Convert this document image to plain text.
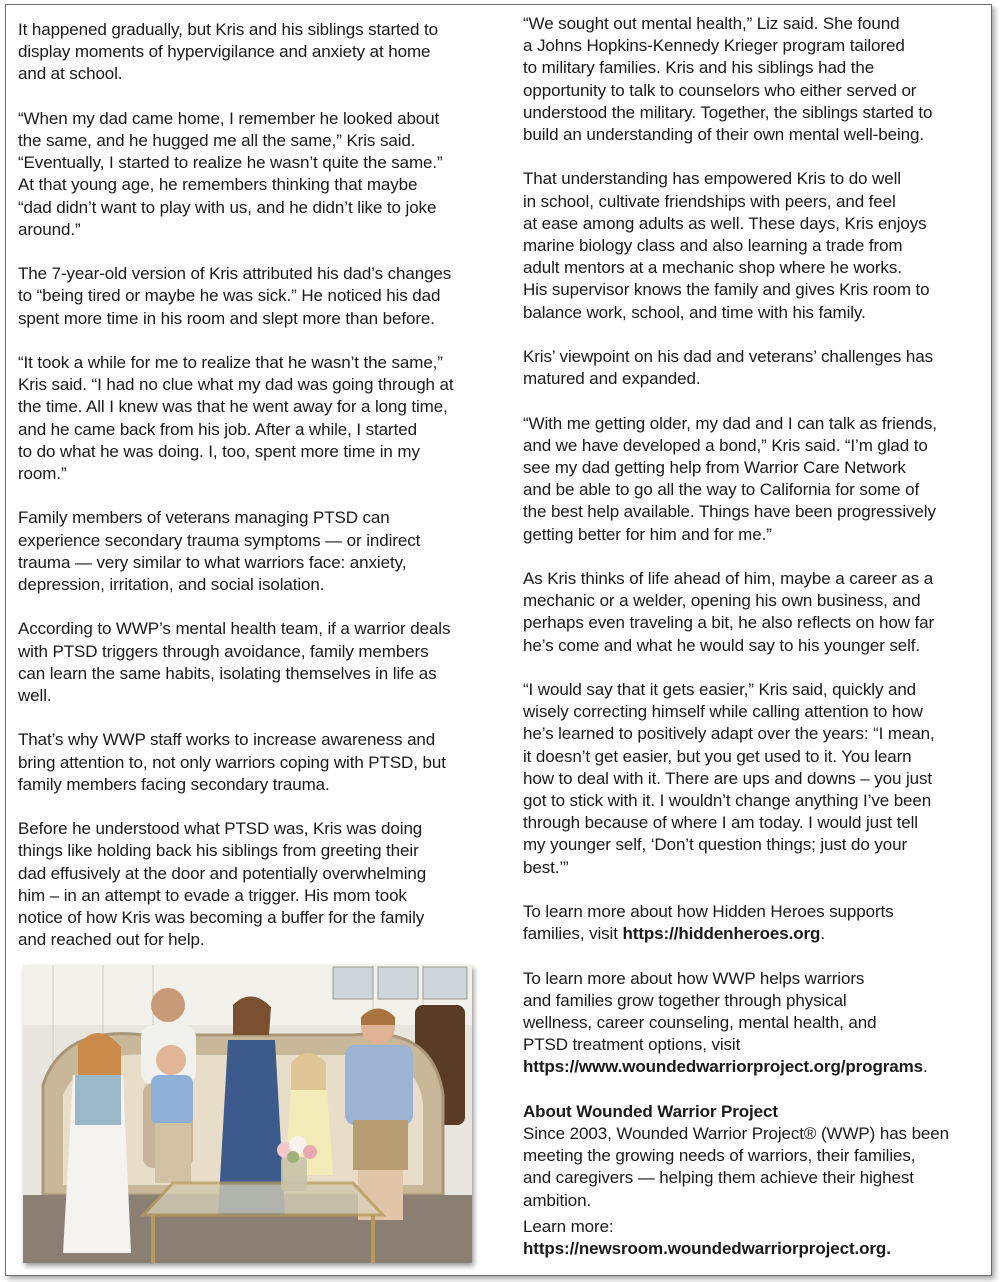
It happened gradually, but Kris and his siblings started to
display moments of hypervigilance and anxiety at home
and at school.

“When my dad came home, I remember he looked about
the same, and he hugged me all the same,” Kris said.
“Eventually, I started to realize he wasn’t quite the same.”
At that young age, he remembers thinking that maybe
“dad didn’t want to play with us, and he didn’t like to joke
around.”

The 7-year-old version of Kris attributed his dad’s changes
to “being tired or maybe he was sick.” He noticed his dad
spent more time in his room and slept more than before.

“It took a while for me to realize that he wasn’t the same,”
Kris said. “I had no clue what my dad was going through at
the time. All I knew was that he went away for a long time,
and he came back from his job. After a while, I started
to do what he was doing. I, too, spent more time in my
room.”

Family members of veterans managing PTSD can
experience secondary trauma symptoms — or indirect
trauma — very similar to what warriors face: anxiety,
depression, irritation, and social isolation.

According to WWP’s mental health team, if a warrior deals
with PTSD triggers through avoidance, family members
can learn the same habits, isolating themselves in life as
well.

That’s why WWP staff works to increase awareness and
bring attention to, not only warriors coping with PTSD, but
family members facing secondary trauma.

Before he understood what PTSD was, Kris was doing
things like holding back his siblings from greeting their
dad effusively at the door and potentially overwhelming
him – in an attempt to evade a trigger. His mom took
notice of how Kris was becoming a buffer for the family
and reached out for help.

“We sought out mental health,” Liz said. She found
a Johns Hopkins-Kennedy Krieger program tailored
to military families. Kris and his siblings had the
opportunity to talk to counselors who either served or
understood the military. Together, the siblings started to
build an understanding of their own mental well-being.

That understanding has empowered Kris to do well
in school, cultivate friendships with peers, and feel
at ease among adults as well. These days, Kris enjoys
marine biology class and also learning a trade from
adult mentors at a mechanic shop where he works.
His supervisor knows the family and gives Kris room to
balance work, school, and time with his family.

Kris’ viewpoint on his dad and veterans’ challenges has
matured and expanded.

“With me getting older, my dad and I can talk as friends,
and we have developed a bond,” Kris said. “I’m glad to
see my dad getting help from Warrior Care Network
and be able to go all the way to California for some of
the best help available. Things have been progressively
getting better for him and for me.”

As Kris thinks of life ahead of him, maybe a career as a
mechanic or a welder, opening his own business, and
perhaps even traveling a bit, he also reflects on how far
he’s come and what he would say to his younger self.

“I would say that it gets easier,” Kris said, quickly and
wisely correcting himself while calling attention to how
he’s learned to positively adapt over the years: “I mean,
it doesn’t get easier, but you get used to it. You learn
how to deal with it. There are ups and downs – you just
got to stick with it. I wouldn’t change anything I’ve been
through because of where I am today. I would just tell
my younger self, ‘Don’t question things; just do your
best.’”

To learn more about how Hidden Heroes supports
families, visit https://hiddenheroes.org.

To learn more about how WWP helps warriors
and families grow together through physical
wellness, career counseling, mental health, and
PTSD treatment options, visit
https://www.woundedwarriorproject.org/programs.

About Wounded Warrior Project
Since 2003, Wounded Warrior Project® (WWP) has been
meeting the growing needs of warriors, their families,
and caregivers — helping them achieve their highest
ambition.
Learn more:
https://newsroom.woundedwarriorproject.org.
